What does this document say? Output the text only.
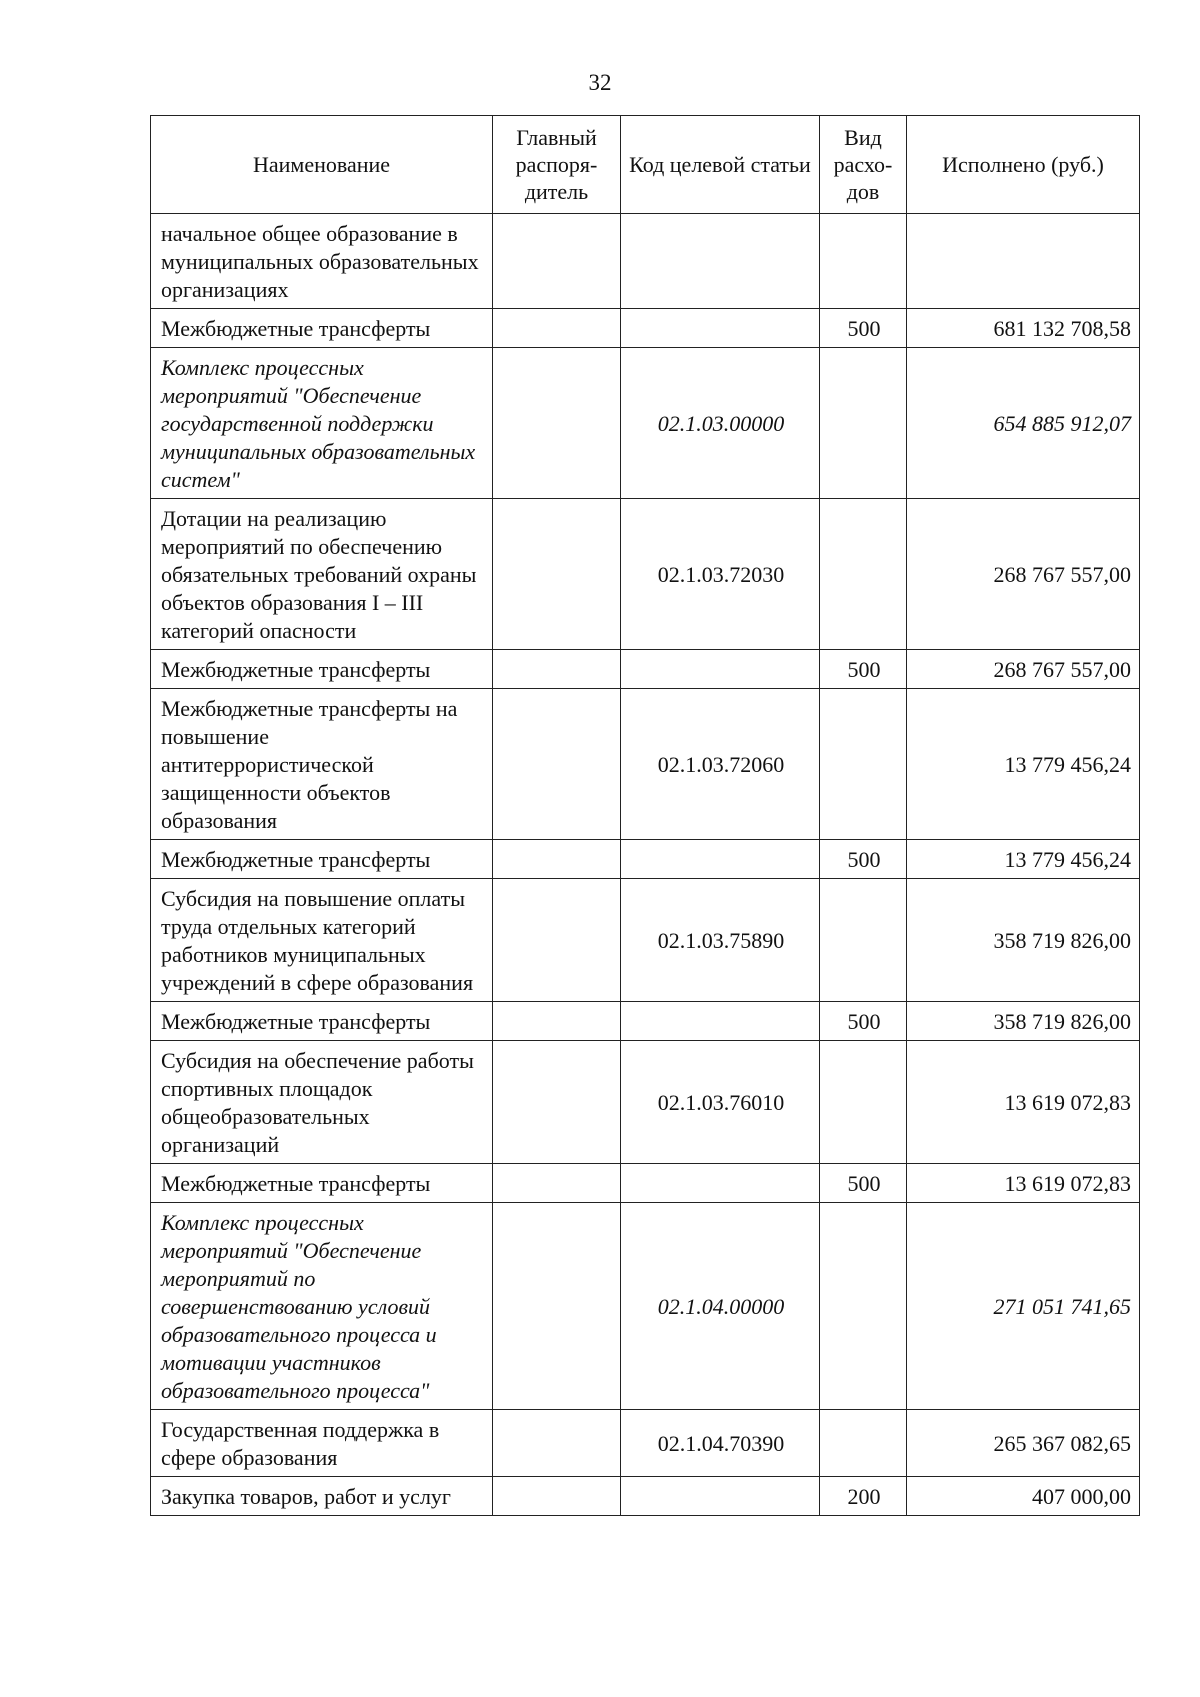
32
Наименование	Главный распоря-дитель	Код целевой статьи	Вид расхо-дов	Исполнено (руб.)
начальное общее образование в муниципальных образовательных организациях				
Межбюджетные трансферты			500	681 132 708,58
Комплекс процессных мероприятий "Обеспечение государственной поддержки муниципальных образовательных систем"		02.1.03.00000		654 885 912,07
Дотации на реализацию мероприятий по обеспечению обязательных требований охраны объектов образования I – III категорий опасности		02.1.03.72030		268 767 557,00
Межбюджетные трансферты			500	268 767 557,00
Межбюджетные трансферты на повышение антитеррористической защищенности объектов образования		02.1.03.72060		13 779 456,24
Межбюджетные трансферты			500	13 779 456,24
Субсидия на повышение оплаты труда отдельных категорий работников муниципальных учреждений в сфере образования		02.1.03.75890		358 719 826,00
Межбюджетные трансферты			500	358 719 826,00
Субсидия на обеспечение работы спортивных площадок общеобразовательных организаций		02.1.03.76010		13 619 072,83
Межбюджетные трансферты			500	13 619 072,83
Комплекс процессных мероприятий "Обеспечение мероприятий по совершенствованию условий образовательного процесса и мотивации участников образовательного процесса"		02.1.04.00000		271 051 741,65
Государственная поддержка в сфере образования		02.1.04.70390		265 367 082,65
Закупка товаров, работ и услуг			200	407 000,00
